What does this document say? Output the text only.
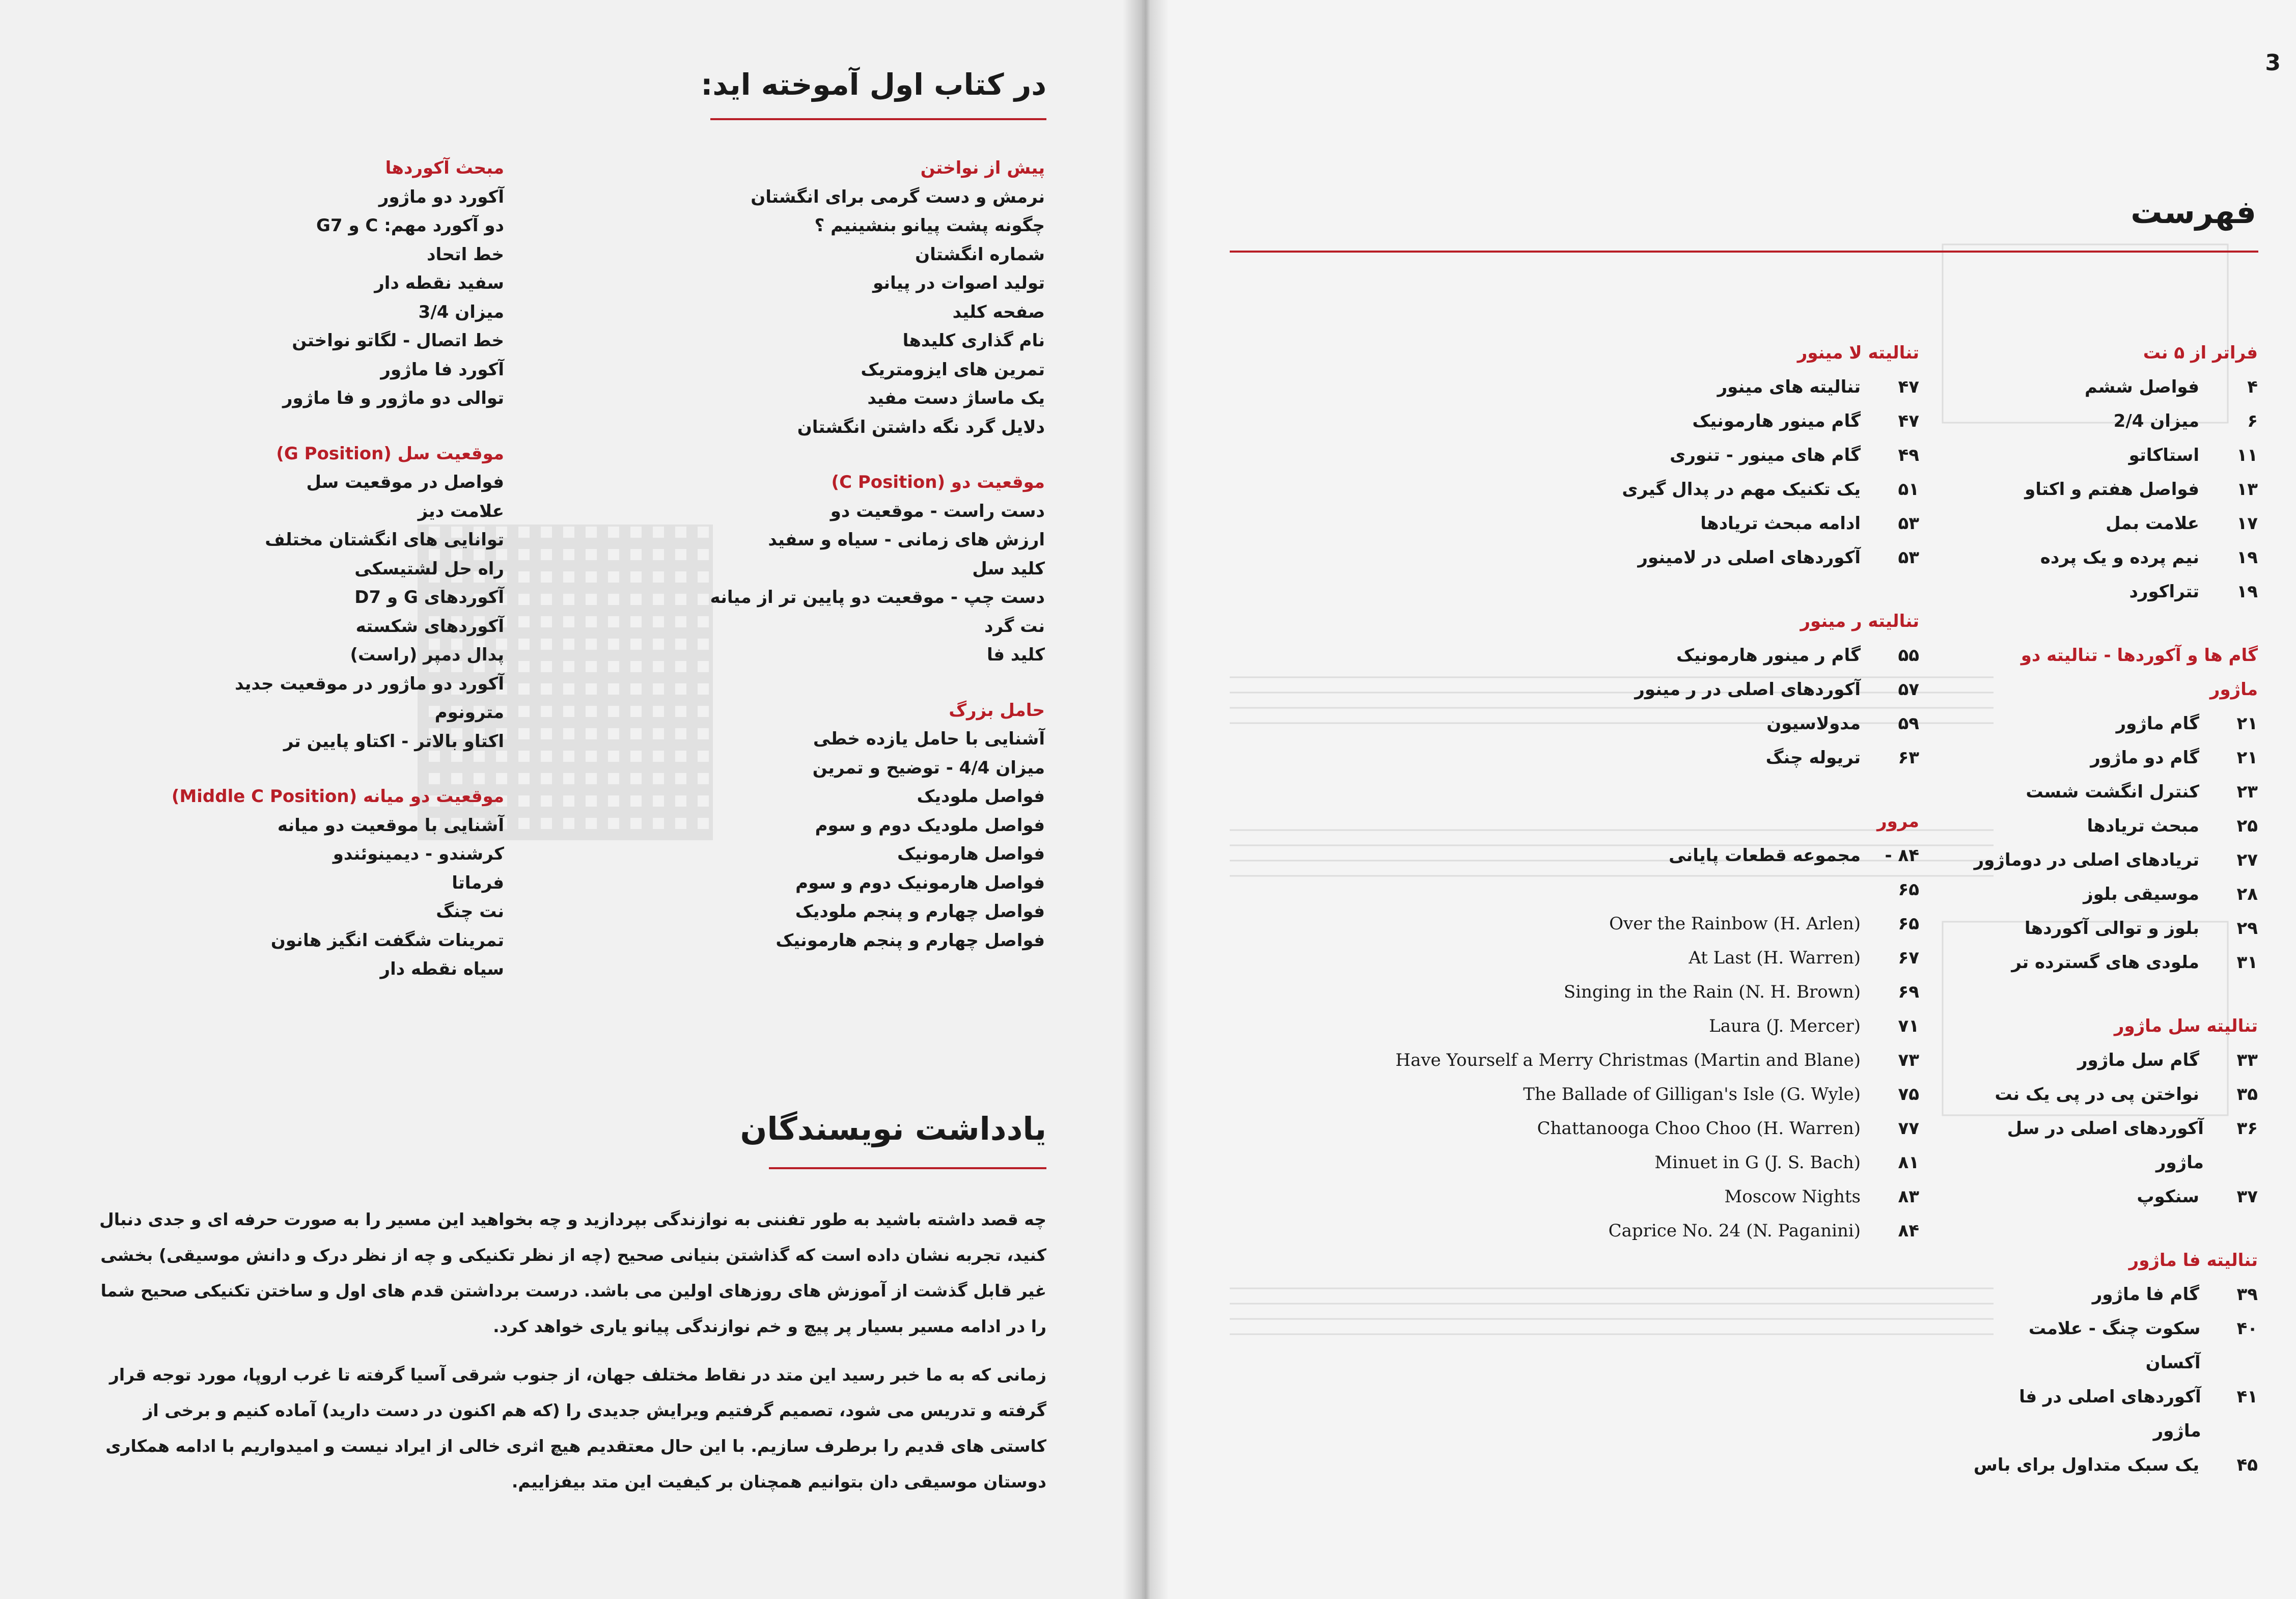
در کتاب اول آموخته اید:
پیش از نواختن
نرمش و دست گرمی برای انگشتان
چگونه پشت پیانو بنشینیم ؟
شماره انگشتان
تولید اصوات در پیانو
صفحه کلید
نام گذاری کلیدها
تمرین های ایزومتریک
یک ماساژ دست مفید
دلایل گرد نگه داشتن انگشتان
موقعیت دو (C Position)
دست راست - موقعیت دو
ارزش های زمانی - سیاه و سفید
کلید سل
دست چپ - موقعیت دو پایین تر از میانه
نت گرد
کلید فا
حامل بزرگ
آشنایی با حامل یازده خطی
میزان 4/4 - توضیح و تمرین
فواصل ملودیک
فواصل ملودیک دوم و سوم
فواصل هارمونیک
فواصل هارمونیک دوم و سوم
فواصل چهارم و پنجم ملودیک
فواصل چهارم و پنجم هارمونیک
مبحث آکوردها
آکورد دو ماژور
دو آکورد مهم: C و G7
خط اتحاد
سفید نقطه دار
میزان 3/4
خط اتصال - لگاتو نواختن
آکورد فا ماژور
توالی دو ماژور و فا ماژور
موقعیت سل (G Position)
فواصل در موقعیت سل
علامت دیز
توانایی های انگشتان مختلف
راه حل لشتیسکی
آکوردهای G و D7
آکوردهای شکسته
پدال دمپر (راست)
آکورد دو ماژور در موقعیت جدید
مترونوم
اکتاو بالاتر - اکتاو پایین تر
موقعیت دو میانه (Middle C Position)
آشنایی با موقعیت دو میانه
کرشندو - دیمینوئندو
فرماتا
نت چنگ
تمرینات شگفت انگیز هانون
سیاه نقطه دار
یادداشت نویسندگان
چه قصد داشته باشید به طور تفننی به نوازندگی بپردازید و چه بخواهید این مسیر را به صورت حرفه ای و جدی دنبال کنید، تجربه نشان داده است که گذاشتن بنیانی صحیح (چه از نظر تکنیکی و چه از نظر درک و دانش موسیقی) بخشی غیر قابل گذشت از آموزش های روزهای اولین می باشد. درست برداشتن قدم های اول و ساختن تکنیکی صحیح شما را در ادامه مسیر بسیار پر پیچ و خم نوازندگی پیانو یاری خواهد کرد.
زمانی که به ما خبر رسید این متد در نقاط مختلف جهان، از جنوب شرقی آسیا گرفته تا غرب اروپا، مورد توجه قرار گرفته و تدریس می شود، تصمیم گرفتیم ویرایش جدیدی را (که هم اکنون در دست دارید) آماده کنیم و برخی از کاستی های قدیم را برطرف سازیم. با این حال معتقدیم هیچ اثری خالی از ایراد نیست و امیدواریم با ادامه همکاری دوستان موسیقی دان بتوانیم همچنان بر کیفیت این متد بیفزاییم.
3
فهرست
فراتر از ۵ نت
۴
فواصل ششم
۶
میزان 2/4
۱۱
استاکاتو
۱۳
فواصل هفتم و اکتاو
۱۷
علامت بمل
۱۹
نیم پرده و یک پرده
۱۹
تتراکورد
گام ها و آکوردها - تنالیته دو ماژور
۲۱
گام ماژور
۲۱
گام دو ماژور
۲۳
کنترل انگشت شست
۲۵
مبحث تریادها
۲۷
تریادهای اصلی در دوماژور
۲۸
موسیقی بلوز
۲۹
بلوز و توالی آکوردها
۳۱
ملودی های گسترده تر
تنالیته سل ماژور
۳۳
گام سل ماژور
۳۵
نواختن پی در پی یک نت
۳۶
آکوردهای اصلی در سل ماژور
۳۷
سنکوپ
تنالیته فا ماژور
۳۹
گام فا ماژور
۴۰
سکوت چنگ - علامت آکسان
۴۱
آکوردهای اصلی در فا ماژور
۴۵
یک سبک متداول برای باس
تنالیته لا مینور
۴۷
تنالیته های مینور
۴۷
گام مینور هارمونیک
۴۹
گام های مینور - تنوری
۵۱
یک تکنیک مهم در پدال گیری
۵۳
ادامه مبحث تریادها
۵۳
آکوردهای اصلی در لامینور
تنالیته ر مینور
۵۵
گام ر مینور هارمونیک
۵۷
آکوردهای اصلی در ر مینور
۵۹
مدولاسیون
۶۳
تریوله چنگ
مرور
۸۴ - ۶۵
مجموعه قطعات پایانی
۶۵
Over the Rainbow (H. Arlen)
۶۷
At Last (H. Warren)
۶۹
Singing in the Rain (N. H. Brown)
۷۱
Laura (J. Mercer)
۷۳
Have Yourself a Merry Christmas (Martin and Blane)
۷۵
The Ballade of Gilligan's Isle (G. Wyle)
۷۷
Chattanooga Choo Choo (H. Warren)
۸۱
Minuet in G (J. S. Bach)
۸۳
Moscow Nights
۸۴
Caprice No. 24 (N. Paganini)
